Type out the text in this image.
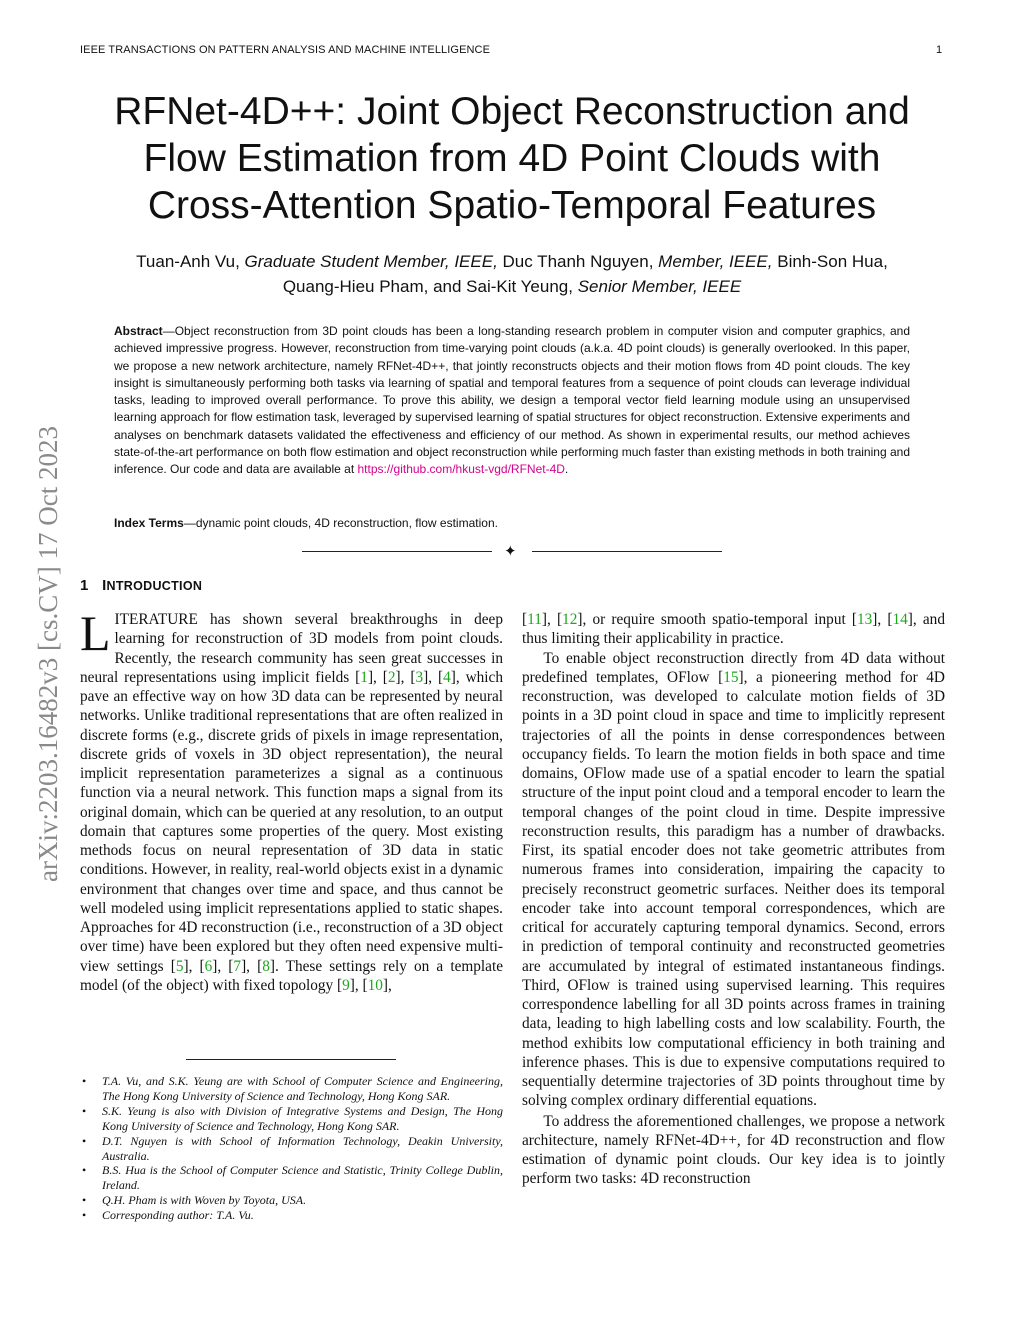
IEEE TRANSACTIONS ON PATTERN ANALYSIS AND MACHINE INTELLIGENCE	1
RFNet-4D++: Joint Object Reconstruction and
Flow Estimation from 4D Point Clouds with
Cross-Attention Spatio-Temporal Features
Tuan-Anh Vu, Graduate Student Member, IEEE, Duc Thanh Nguyen, Member, IEEE, Binh-Son Hua,
Quang-Hieu Pham, and Sai-Kit Yeung, Senior Member, IEEE

Abstract—Object reconstruction from 3D point clouds has been a long-standing research problem in computer vision and computer graphics, and achieved impressive progress. However, reconstruction from time-varying point clouds (a.k.a. 4D point clouds) is generally overlooked. In this paper, we propose a new network architecture, namely RFNet-4D++, that jointly reconstructs objects and their motion flows from 4D point clouds. The key insight is simultaneously performing both tasks via learning of spatial and temporal features from a sequence of point clouds can leverage individual tasks, leading to improved overall performance. To prove this ability, we design a temporal vector field learning module using an unsupervised learning approach for flow estimation task, leveraged by supervised learning of spatial structures for object reconstruction. Extensive experiments and analyses on benchmark datasets validated the effectiveness and efficiency of our method. As shown in experimental results, our method achieves state-of-the-art performance on both flow estimation and object reconstruction while performing much faster than existing methods in both training and inference. Our code and data are available at https://github.com/hkust-vgd/RFNet-4D.

Index Terms—dynamic point clouds, 4D reconstruction, flow estimation.
✦
1 INTRODUCTION

LITERATURE has shown several breakthroughs in deep learning for reconstruction of 3D models from point clouds. Recently, the research community has seen great successes in neural representations using implicit fields [1], [2], [3], [4], which pave an effective way on how 3D data can be represented by neural networks. Unlike traditional representations that are often realized in discrete forms (e.g., discrete grids of pixels in image representation, discrete grids of voxels in 3D object representation), the neural implicit representation parameterizes a signal as a continuous function via a neural network. This function maps a signal from its original domain, which can be queried at any resolution, to an output domain that captures some properties of the query. Most existing methods focus on neural representation of 3D data in static conditions. However, in reality, real-world objects exist in a dynamic environment that changes over time and space, and thus cannot be well modeled using implicit representations applied to static shapes. Approaches for 4D reconstruction (i.e., reconstruction of a 3D object over time) have been explored but they often need expensive multi-view settings [5], [6], [7], [8]. These settings rely on a template model (of the object) with fixed topology [9], [10],

[11], [12], or require smooth spatio-temporal input [13], [14], and thus limiting their applicability in practice.

To enable object reconstruction directly from 4D data without predefined templates, OFlow [15], a pioneering method for 4D reconstruction, was developed to calculate motion fields of 3D points in a 3D point cloud in space and time to implicitly represent trajectories of all the points in dense correspondences between occupancy fields. To learn the motion fields in both space and time domains, OFlow made use of a spatial encoder to learn the spatial structure of the input point cloud and a temporal encoder to learn the temporal changes of the point cloud in time. Despite impressive reconstruction results, this paradigm has a number of drawbacks. First, its spatial encoder does not take geometric attributes from numerous frames into consideration, impairing the capacity to precisely reconstruct geometric surfaces. Neither does its temporal encoder take into account temporal correspondences, which are critical for accurately capturing temporal dynamics. Second, errors in prediction of temporal continuity and reconstructed geometries are accumulated by integral of estimated instantaneous findings. Third, OFlow is trained using supervised learning. This requires correspondence labelling for all 3D points across frames in training data, leading to high labelling costs and low scalability. Fourth, the method exhibits low computational efficiency in both training and inference phases. This is due to expensive computations required to sequentially determine trajectories of 3D points throughout time by solving complex ordinary differential equations.

To address the aforementioned challenges, we propose a network architecture, namely RFNet-4D++, for 4D reconstruction and flow estimation of dynamic point clouds. Our key idea is to jointly perform two tasks: 4D reconstruction

• T.A. Vu, and S.K. Yeung are with School of Computer Science and Engineering, The Hong Kong University of Science and Technology, Hong Kong SAR.
• S.K. Yeung is also with Division of Integrative Systems and Design, The Hong Kong University of Science and Technology, Hong Kong SAR.
• D.T. Nguyen is with School of Information Technology, Deakin University, Australia.
• B.S. Hua is the School of Computer Science and Statistic, Trinity College Dublin, Ireland.
• Q.H. Pham is with Woven by Toyota, USA.
• Corresponding author: T.A. Vu.
arXiv:2203.16482v3 [cs.CV] 17 Oct 2023
